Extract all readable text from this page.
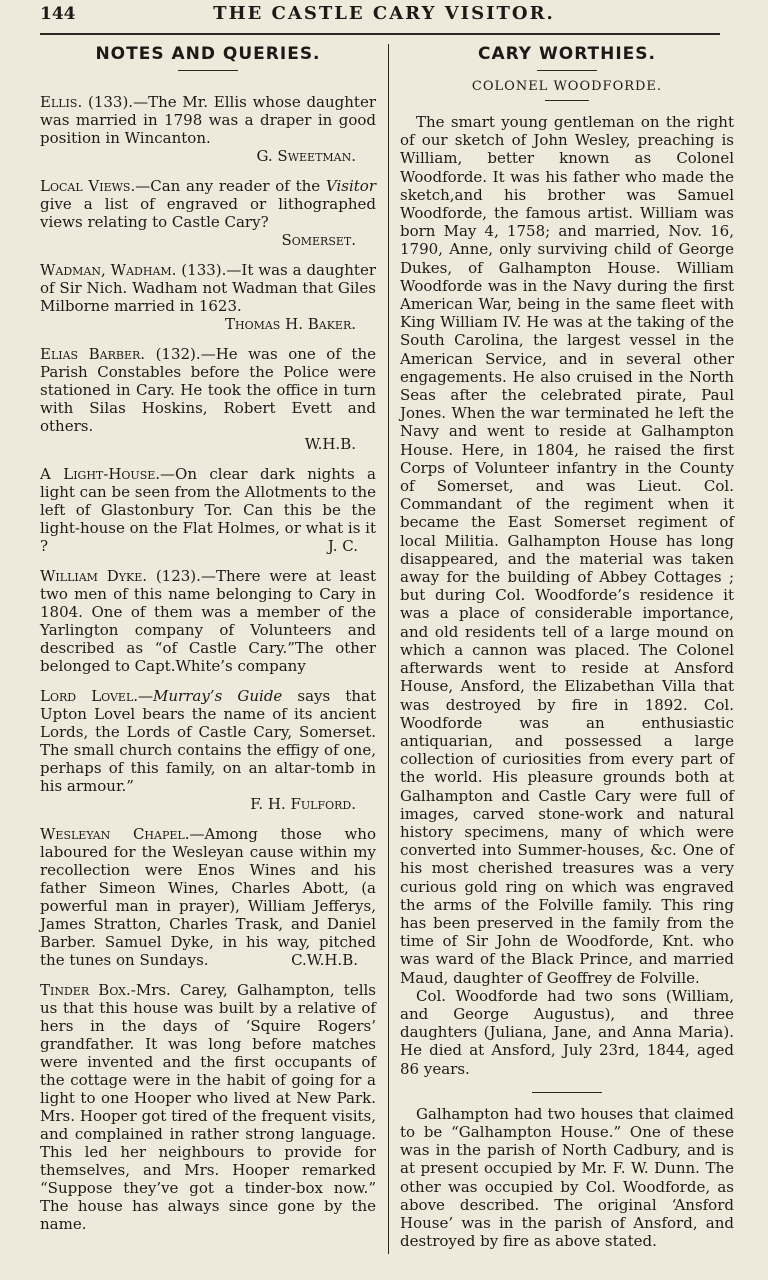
144	THE CASTLE CARY VISITOR.
NOTES AND QUERIES.
Ellis. (133).—The Mr. Ellis whose daughter was married in 1798 was a draper in good position in Wincanton.
G. Sweetman.
Local Views.—Can any reader of the Visitor give a list of engraved or lithographed views relating to Castle Cary?
Somerset.
Wadman, Wadham. (133).—It was a daughter of Sir Nich. Wadham not Wadman that Giles Milborne married in 1623.
Thomas H. Baker.
Elias Barber. (132).—He was one of the Parish Constables before the Police were stationed in Cary. He took the office in turn with Silas Hoskins, Robert Evett and others.
W.H.B.
A Light-House.—On clear dark nights a light can be seen from the Allotments to the left of Glastonbury Tor. Can this be the light-house on the Flat Holmes, or what is it ?	J. C.
William Dyke. (123).—There were at least two men of this name belonging to Cary in 1804. One of them was a member of the Yarlington company of Volunteers and described as “of Castle Cary.”The other belonged to Capt.White’s company
Lord Lovel.—Murray’s Guide says that Upton Lovel bears the name of its ancient Lords, the Lords of Castle Cary, Somerset. The small church contains the effigy of one, perhaps of this family, on an altar-tomb in his armour.”
F. H. Fulford.
Wesleyan Chapel.—Among those who laboured for the Wesleyan cause within my recollection were Enos Wines and his father Simeon Wines, Charles Abott, (a powerful man in prayer), William Jefferys, James Stratton, Charles Trask, and Daniel Barber. Samuel Dyke, in his way, pitched the tunes on Sundays.	C.W.H.B.
Tinder Box.-Mrs. Carey, Galhampton, tells us that this house was built by a relative of hers in the days of ‘Squire Rogers’ grandfather. It was long before matches were invented and the first occupants of the cottage were in the habit of going for a light to one Hooper who lived at New Park. Mrs. Hooper got tired of the frequent visits, and complained in rather strong language. This led her neighbours to provide for themselves, and Mrs. Hooper remarked “Suppose they’ve got a tinder-box now.” The house has always since gone by the name.
CARY WORTHIES.
COLONEL WOODFORDE.

The smart young gentleman on the right of our sketch of John Wesley, preaching is William, better known as Colonel Woodforde. It was his father who made the sketch,and his brother was Samuel Woodforde, the famous artist. William was born May 4, 1758; and married, Nov. 16, 1790, Anne, only surviving child of George Dukes, of Galhampton House. William Woodforde was in the Navy during the first American War, being in the same fleet with King William IV. He was at the taking of the South Carolina, the largest vessel in the American Service, and in several other engagements. He also cruised in the North Seas after the celebrated pirate, Paul Jones. When the war terminated he left the Navy and went to reside at Galhampton House. Here, in 1804, he raised the first Corps of Volunteer infantry in the County of Somerset, and was Lieut. Col. Commandant of the regiment when it became the East Somerset regiment of local Militia. Galhampton House has long disappeared, and the material was taken away for the building of Abbey Cottages ; but during Col. Woodforde’s residence it was a place of considerable importance, and old residents tell of a large mound on which a cannon was placed. The Colonel afterwards went to reside at Ansford House, Ansford, the Elizabethan Villa that was destroyed by fire in 1892. Col. Woodforde was an enthusiastic antiquarian, and possessed a large collection of curiosities from every part of the world. His pleasure grounds both at Galhampton and Castle Cary were full of images, carved stone-work and natural history specimens, many of which were converted into Summer-houses, &c. One of his most cherished treasures was a very curious gold ring on which was engraved the arms of the Folville family. This ring has been preserved in the family from the time of Sir John de Woodforde, Knt. who was ward of the Black Prince, and married Maud, daughter of Geoffrey de Folville.

Col. Woodforde had two sons (William, and George Augustus), and three daughters (Juliana, Jane, and Anna Maria). He died at Ansford, July 23rd, 1844, aged 86 years.

Galhampton had two houses that claimed to be “Galhampton House.” One of these was in the parish of North Cadbury, and is at present occupied by Mr. F. W. Dunn. The other was occupied by Col. Woodforde, as above described. The original ‘Ansford House’ was in the parish of Ansford, and destroyed by fire as above stated.
